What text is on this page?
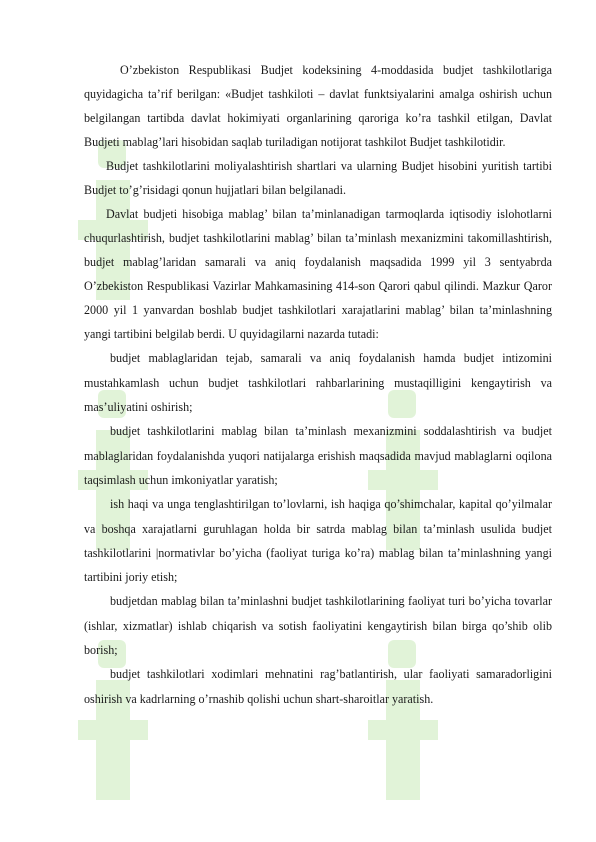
O’zbekiston Respublikasi Budjet kodeksining 4-moddasida budjet tashkilotlariga quyidagicha ta’rif berilgan: «Budjet tashkiloti – davlat funktsiyalarini amalga oshirish uchun belgilangan tartibda davlat hokimiyati organlarining qaroriga ko’ra tashkil etilgan, Davlat Budjeti mablag’lari hisobidan saqlab turiladigan notijorat tashkilot Budjet tashkilotidir.

Budjet tashkilotlarini moliyalashtirish shartlari va ularning Budjet hisobini yuritish tartibi Budjet to’g’risidagi qonun hujjatlari bilan belgilanadi.

Davlat budjeti hisobiga mablag’ bilan ta’minlanadigan tarmoqlarda iqtisodiy islohotlarni chuqurlashtirish, budjet tashkilotlarini mablag’ bilan ta’minlash mexanizmini takomillashtirish, budjet mablag’laridan samarali va aniq foydalanish maqsadida 1999 yil 3 sentyabrda O’zbekiston Respublikasi Vazirlar Mahkamasining 414-son Qarori qabul qilindi. Mazkur Qaror 2000 yil 1 yanvardan boshlab budjet tashkilotlari xarajatlarini mablag’ bilan ta’minlashning yangi tartibini belgilab berdi. U quyidagilarni nazarda tutadi:

budjet mablaglaridan tejab, samarali va aniq foydalanish hamda budjet intizomini mustahkamlash uchun budjet tashkilotlari rahbarlarining mustaqilligini kengaytirish va mas’uliyatini oshirish;

budjet tashkilotlarini mablag bilan ta’minlash mexanizmini soddalashtirish va budjet mablaglaridan foydalanishda yuqori natijalarga erishish maqsadida mavjud mablaglarni oqilona taqsimlash uchun imkoniyatlar yaratish;

ish haqi va unga tenglashtirilgan to’lovlarni, ish haqiga qo’shimchalar, kapital qo’yilmalar va boshqa xarajatlarni guruhlagan holda bir satrda mablag bilan ta’minlash usulida budjet tashkilotlarini |normativlar bo’yicha (faoliyat turiga ko’ra) mablag bilan ta’minlashning yangi tartibini joriy etish;

budjetdan mablag bilan ta’minlashni budjet tashkilotlarining faoliyat turi bo’yicha tovarlar (ishlar, xizmatlar) ishlab chiqarish va sotish faoliyatini kengaytirish bilan birga qo’shib olib borish;

budjet tashkilotlari xodimlari mehnatini rag’batlantirish, ular faoliyati samaradorligini oshirish va kadrlarning o’rnashib qolishi uchun shart-sharoitlar yaratish.
